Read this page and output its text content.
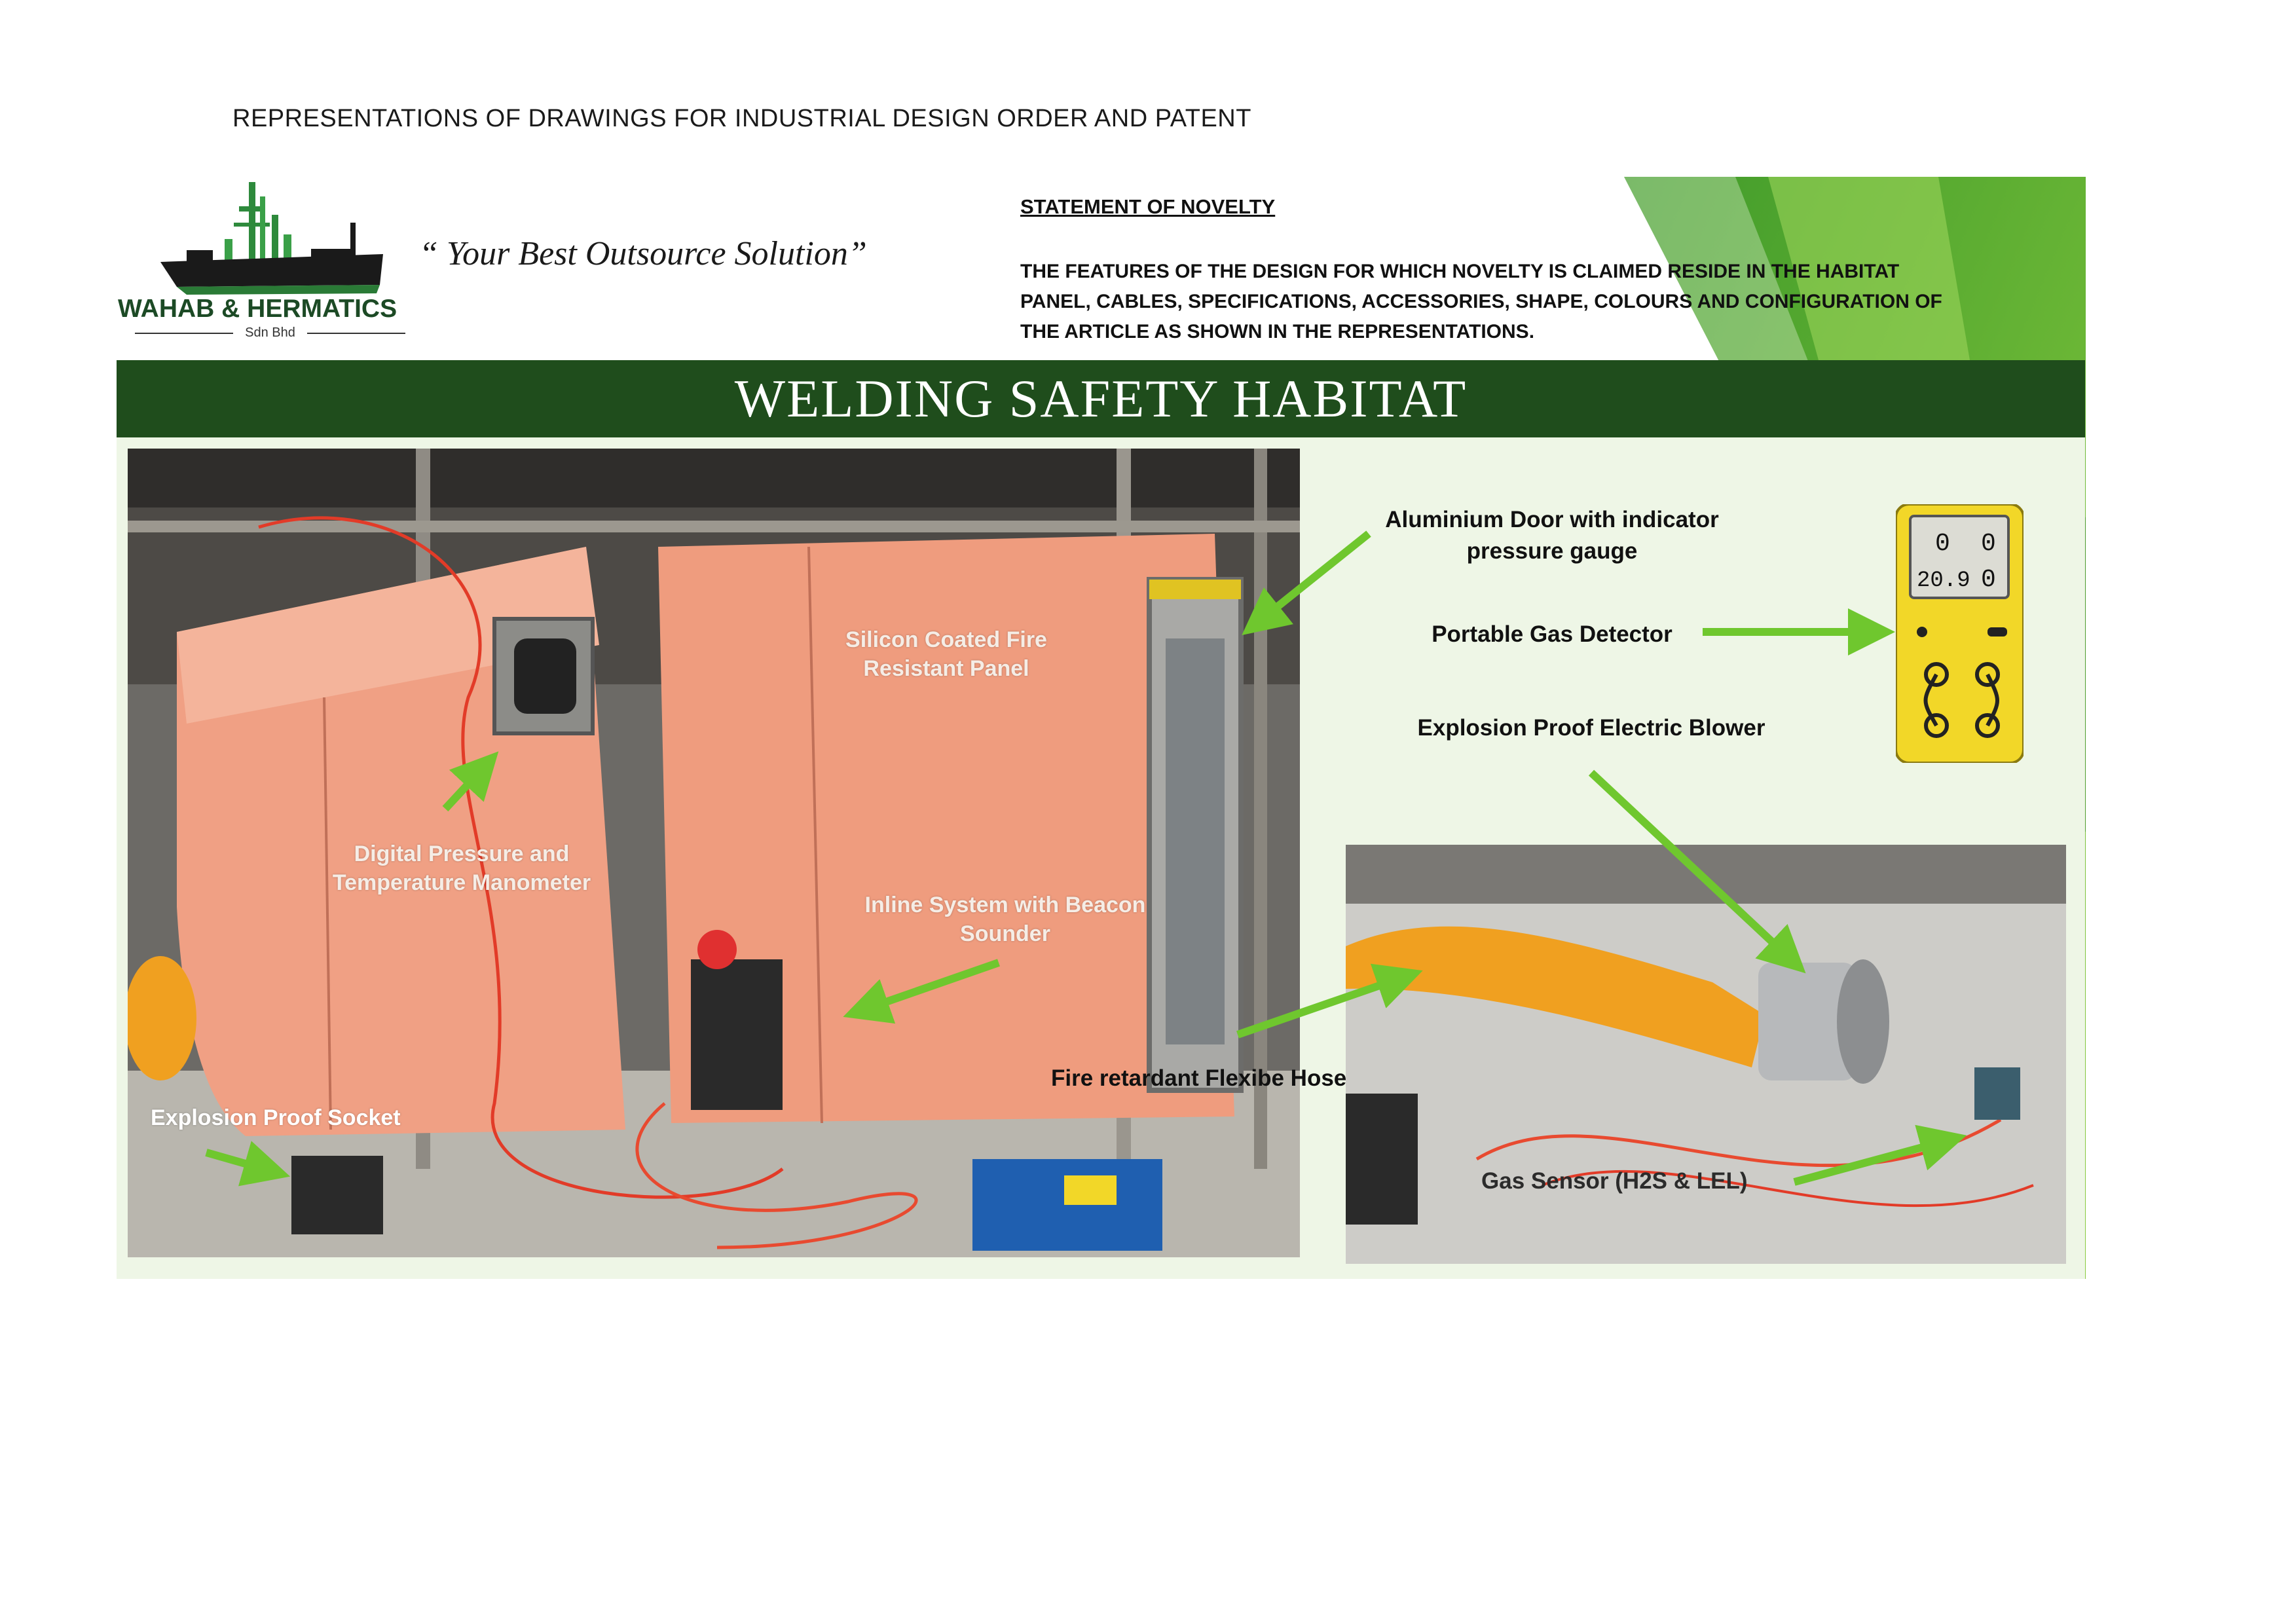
REPRESENTATIONS OF DRAWINGS FOR INDUSTRIAL DESIGN ORDER AND PATENT
WAHAB & HERMATICS
Sdn Bhd
“ Your Best Outsource Solution”
STATEMENT OF NOVELTY
THE FEATURES OF THE DESIGN FOR WHICH NOVELTY IS CLAIMED RESIDE IN THE HABITAT PANEL, CABLES, SPECIFICATIONS, ACCESSORIES, SHAPE, COLOURS AND CONFIGURATION OF THE ARTICLE AS SHOWN IN THE REPRESENTATIONS.
WELDING SAFETY HABITAT
0 0
20.9 0
Silicon Coated Fire Resistant Panel
Digital Pressure and Temperature Manometer
Inline System with Beacon Sounder
Explosion Proof Socket
Fire retardant Flexibe Hose
Gas Sensor (H2S & LEL)
Aluminium Door with indicator pressure gauge
Portable Gas Detector
Explosion Proof Electric Blower
